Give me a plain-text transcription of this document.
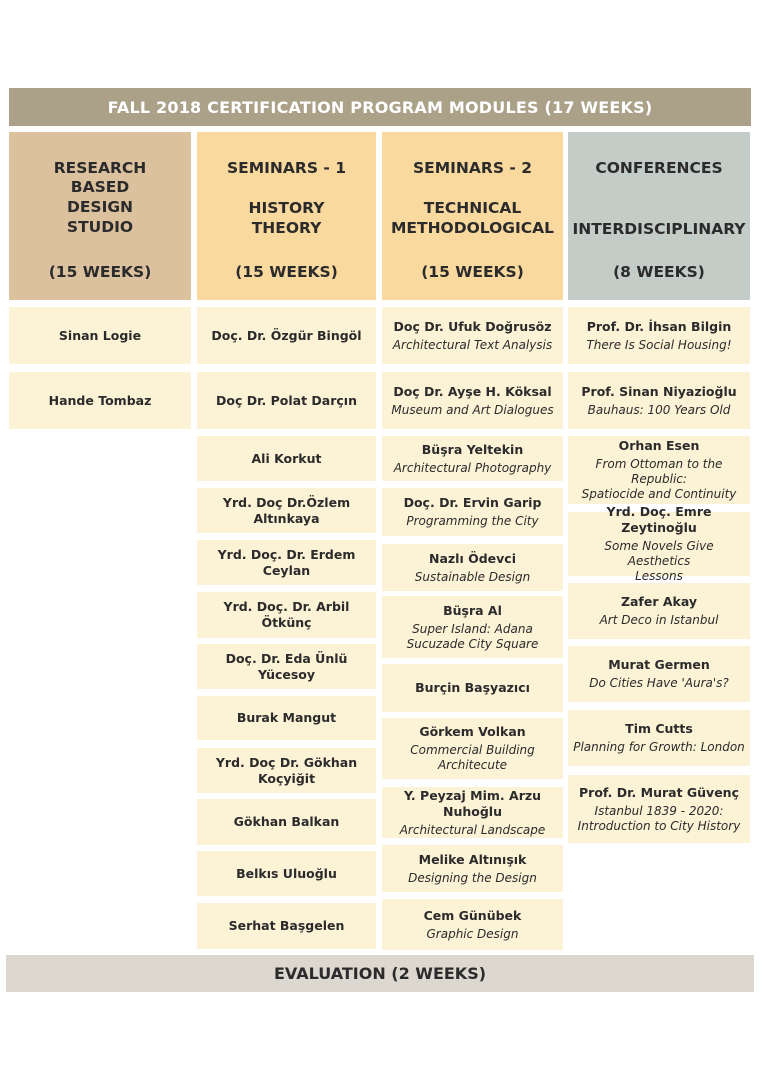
FALL 2018 CERTIFICATION PROGRAM MODULES (17 WEEKS)
RESEARCH
BASED
DESIGN
STUDIO
(15 WEEKS)
SEMINARS - 1
HISTORY
THEORY
(15 WEEKS)
SEMINARS - 2
TECHNICAL
METHODOLOGICAL
(15 WEEKS)
CONFERENCES
INTERDISCIPLINARY
(8 WEEKS)
Sinan Logie
Hande Tombaz
Doç. Dr. Özgür Bingöl
Doç Dr. Polat Darçın
Ali Korkut
Yrd. Doç Dr.Özlem Altınkaya
Yrd. Doç. Dr. Erdem Ceylan
Yrd. Doç. Dr. Arbil Ötkünç
Doç. Dr. Eda Ünlü Yücesoy
Burak Mangut
Yrd. Doç Dr. Gökhan Koçyiğit
Gökhan Balkan
Belkıs Uluoğlu
Serhat Başgelen
Doç Dr. Ufuk Doğrusöz
Architectural Text Analysis
Doç Dr. Ayşe H. Köksal
Museum and Art Dialogues
Büşra Yeltekin
Architectural Photography
Doç. Dr. Ervin Garip
Programming the City
Nazlı Ödevci
Sustainable Design
Büşra Al
Super Island: Adana
Sucuzade City Square
Burçin Başyazıcı
Görkem Volkan
Commercial Building
Architecute
Y. Peyzaj Mim. Arzu Nuhoğlu
Architectural Landscape
Melike Altınışık
Designing the Design
Cem Günübek
Graphic Design
Prof. Dr. İhsan Bilgin
There Is Social Housing!
Prof. Sinan Niyazioğlu
Bauhaus: 100 Years Old
Orhan Esen
From Ottoman to the Republic:
Spatiocide and Continuity
Yrd. Doç. Emre Zeytinoğlu
Some Novels Give Aesthetics
Lessons
Zafer Akay
Art Deco in Istanbul
Murat Germen
Do Cities Have 'Aura's?
Tim Cutts
Planning for Growth: London
Prof. Dr. Murat Güvenç
Istanbul 1839 - 2020:
Introduction to City History
EVALUATION (2 WEEKS)
